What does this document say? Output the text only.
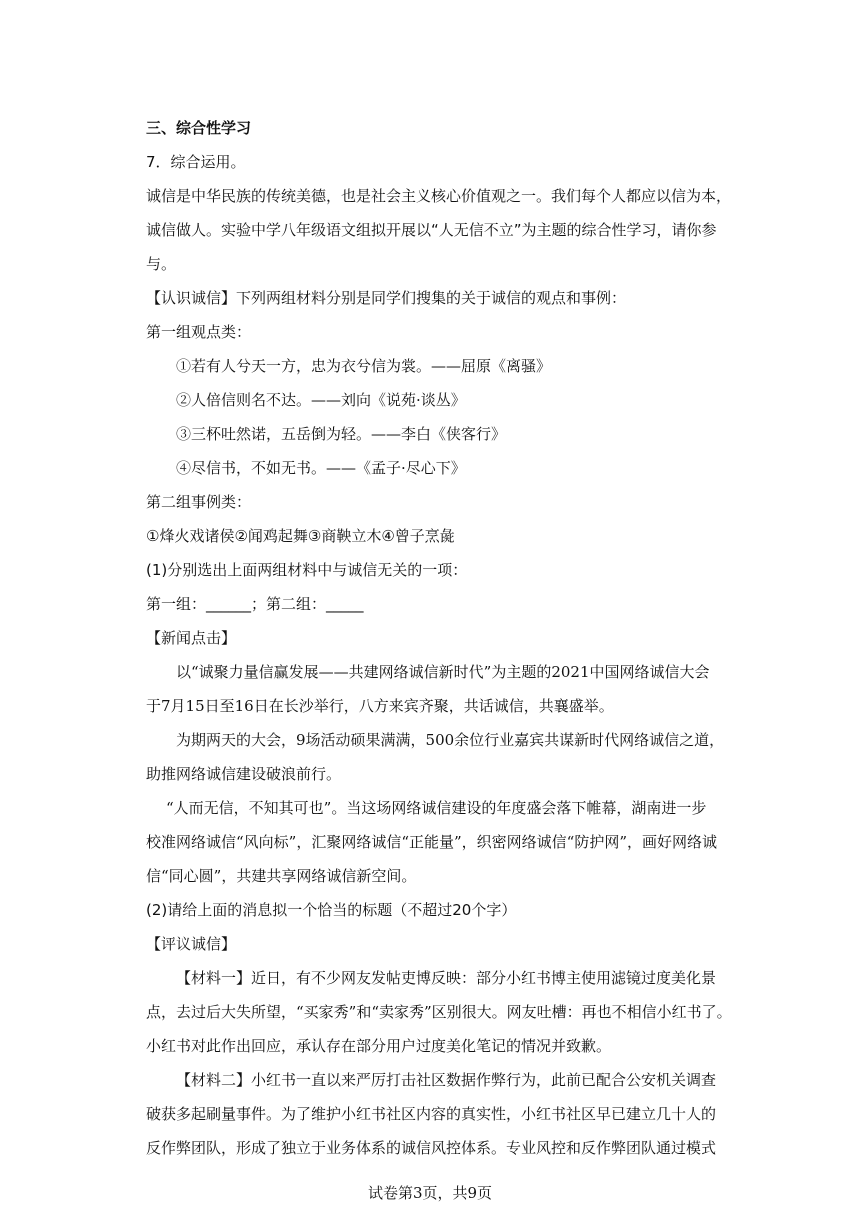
三、综合性学习
7．综合运用。
诚信是中华民族的传统美德，也是社会主义核心价值观之一。我们每个人都应以信为本，
诚信做人。实验中学八年级语文组拟开展以“人无信不立”为主题的综合性学习，请你参
与。
【认识诚信】下列两组材料分别是同学们搜集的关于诚信的观点和事例：
第一组观点类：
①若有人兮天一方，忠为衣兮信为裳。——屈原《离骚》
②人倍信则名不达。——刘向《说苑·谈丛》
③三杯吐然诺，五岳倒为轻。——李白《侠客行》
④尽信书，不如无书。——《孟子·尽心下》
第二组事例类：
①烽火戏诸侯②闻鸡起舞③商鞅立木④曾子烹彘
(1)分别选出上面两组材料中与诚信无关的一项：
第一组：______；第二组：_____
【新闻点击】
以“诚聚力量信赢发展——共建网络诚信新时代”为主题的2021中国网络诚信大会
于7月15日至16日在长沙举行，八方来宾齐聚，共话诚信，共襄盛举。
为期两天的大会，9场活动硕果满满，500余位行业嘉宾共谋新时代网络诚信之道，
助推网络诚信建设破浪前行。
“人而无信，不知其可也”。当这场网络诚信建设的年度盛会落下帷幕，湖南进一步
校准网络诚信“风向标”，汇聚网络诚信“正能量”，织密网络诚信“防护网”，画好网络诚
信“同心圆”，共建共享网络诚信新空间。
(2)请给上面的消息拟一个恰当的标题（不超过20个字）
【评议诚信】
【材料一】近日，有不少网友发帖吏博反映：部分小红书博主使用滤镜过度美化景
点，去过后大失所望，“买家秀”和“卖家秀”区别很大。网友吐槽：再也不相信小红书了。
小红书对此作出回应，承认存在部分用户过度美化笔记的情况并致歉。
【材料二】小红书一直以来严厉打击社区数据作弊行为，此前已配合公安机关调查
破获多起刷量事件。为了维护小红书社区内容的真实性，小红书社区早已建立几十人的
反作弊团队，形成了独立于业务体系的诚信风控体系。专业风控和反作弊团队通过模式
试卷第3页，共9页
